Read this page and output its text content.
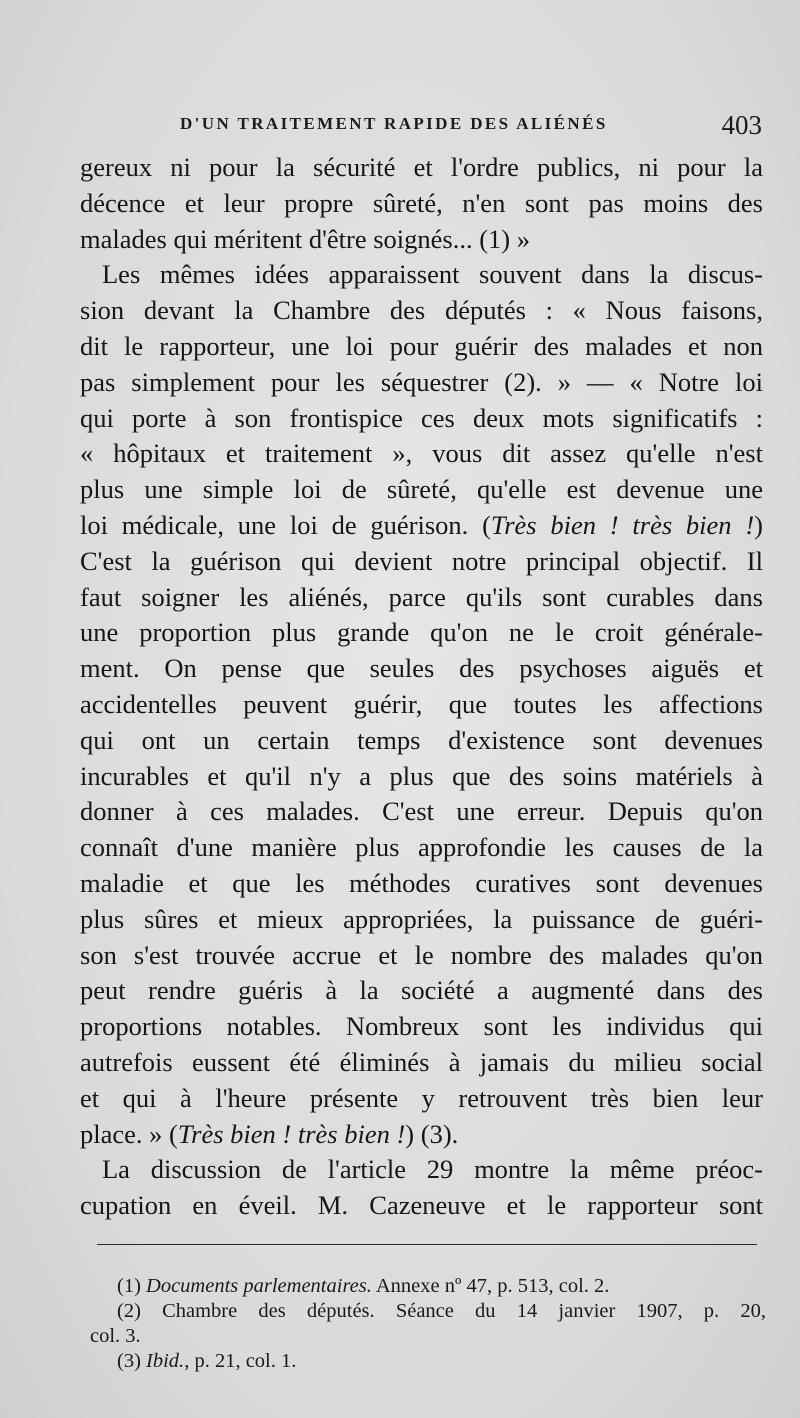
D'UN TRAITEMENT RAPIDE DES ALIÉNÉS	403
gereux ni pour la sécurité et l'ordre publics, ni pour la
décence et leur propre sûreté, n'en sont pas moins des
malades qui méritent d'être soignés... (1) »
Les mêmes idées apparaissent souvent dans la discus-
sion devant la Chambre des députés : « Nous faisons,
dit le rapporteur, une loi pour guérir des malades et non
pas simplement pour les séquestrer (2). » — « Notre loi
qui porte à son frontispice ces deux mots significatifs :
« hôpitaux et traitement », vous dit assez qu'elle n'est
plus une simple loi de sûreté, qu'elle est devenue une
loi médicale, une loi de guérison. (Très bien ! très bien !)
C'est la guérison qui devient notre principal objectif. Il
faut soigner les aliénés, parce qu'ils sont curables dans
une proportion plus grande qu'on ne le croit générale-
ment. On pense que seules des psychoses aiguës et
accidentelles peuvent guérir, que toutes les affections
qui ont un certain temps d'existence sont devenues
incurables et qu'il n'y a plus que des soins matériels à
donner à ces malades. C'est une erreur. Depuis qu'on
connaît d'une manière plus approfondie les causes de la
maladie et que les méthodes curatives sont devenues
plus sûres et mieux appropriées, la puissance de guéri-
son s'est trouvée accrue et le nombre des malades qu'on
peut rendre guéris à la société a augmenté dans des
proportions notables. Nombreux sont les individus qui
autrefois eussent été éliminés à jamais du milieu social
et qui à l'heure présente y retrouvent très bien leur
place. » (Très bien ! très bien !) (3).
La discussion de l'article 29 montre la même préoc-
cupation en éveil. M. Cazeneuve et le rapporteur sont
(1) Documents parlementaires. Annexe nº 47, p. 513, col. 2.
(2) Chambre des députés. Séance du 14 janvier 1907, p. 20,
col. 3.
(3) Ibid., p. 21, col. 1.
